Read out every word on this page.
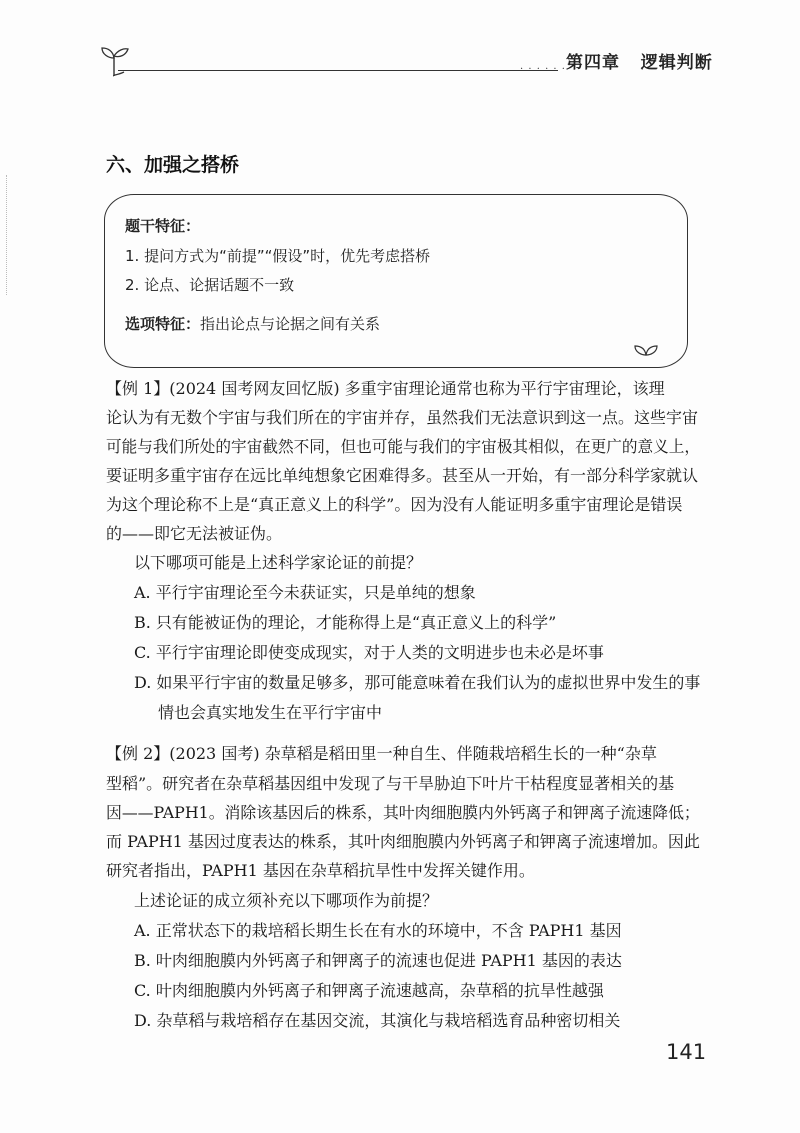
· · · · · · 第四章 逻辑判断
六、加强之搭桥
题干特征：
1. 提问方式为“前提”“假设”时，优先考虑搭桥
2. 论点、论据话题不一致
选项特征：指出论点与论据之间有关系
【例 1】(2024 国考网友回忆版) 多重宇宙理论通常也称为平行宇宙理论，该理
论认为有无数个宇宙与我们所在的宇宙并存，虽然我们无法意识到这一点。这些宇宙
可能与我们所处的宇宙截然不同，但也可能与我们的宇宙极其相似，在更广的意义上，
要证明多重宇宙存在远比单纯想象它困难得多。甚至从一开始，有一部分科学家就认
为这个理论称不上是“真正意义上的科学”。因为没有人能证明多重宇宙理论是错误
的——即它无法被证伪。
以下哪项可能是上述科学家论证的前提？
A. 平行宇宙理论至今未获证实，只是单纯的想象
B. 只有能被证伪的理论，才能称得上是“真正意义上的科学”
C. 平行宇宙理论即使变成现实，对于人类的文明进步也未必是坏事
D. 如果平行宇宙的数量足够多，那可能意味着在我们认为的虚拟世界中发生的事
情也会真实地发生在平行宇宙中
【例 2】(2023 国考) 杂草稻是稻田里一种自生、伴随栽培稻生长的一种“杂草
型稻”。研究者在杂草稻基因组中发现了与干旱胁迫下叶片干枯程度显著相关的基
因——PAPH1。消除该基因后的株系，其叶肉细胞膜内外钙离子和钾离子流速降低；
而 PAPH1 基因过度表达的株系，其叶肉细胞膜内外钙离子和钾离子流速增加。因此
研究者指出，PAPH1 基因在杂草稻抗旱性中发挥关键作用。
上述论证的成立须补充以下哪项作为前提？
A. 正常状态下的栽培稻长期生长在有水的环境中，不含 PAPH1 基因
B. 叶肉细胞膜内外钙离子和钾离子的流速也促进 PAPH1 基因的表达
C. 叶肉细胞膜内外钙离子和钾离子流速越高，杂草稻的抗旱性越强
D. 杂草稻与栽培稻存在基因交流，其演化与栽培稻选育品种密切相关
141
